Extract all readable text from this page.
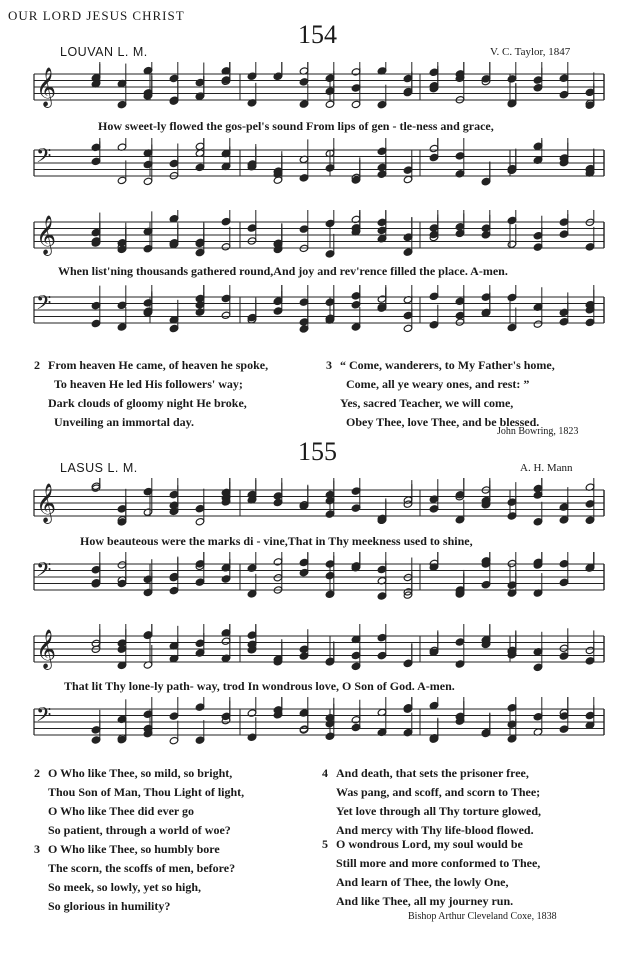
OUR LORD JESUS CHRIST
154
LOUVAN L. M.	V. C. Taylor, 1847
𝄞
How sweet-ly flowed the gos-pel's sound From lips of gen - tle-ness and grace,
𝄢
𝄞
When list'ning thousands gathered round,And joy and rev'rence filled the place. A-men.
𝄢
2 From heaven He came, of heaven he spoke,
To heaven He led His followers' way;
Dark clouds of gloomy night He broke,
Unveiling an immortal day.
3 “ Come, wanderers, to My Father's home,
Come, all ye weary ones, and rest: ”
Yes, sacred Teacher, we will come,
Obey Thee, love Thee, and be blessed.
John Bowring, 1823
155
LASUS L. M.	A. H. Mann
𝄞
How beauteous were the marks di - vine,That in Thy meekness used to shine,
𝄢
𝄞
That lit Thy lone-ly path- way, trod In wondrous love, O Son of God. A-men.
𝄢
2 O Who like Thee, so mild, so bright,
Thou Son of Man, Thou Light of light,
O Who like Thee did ever go
So patient, through a world of woe?
3 O Who like Thee, so humbly bore
The scorn, the scoffs of men, before?
So meek, so lowly, yet so high,
So glorious in humility?
4 And death, that sets the prisoner free,
Was pang, and scoff, and scorn to Thee;
Yet love through all Thy torture glowed,
And mercy with Thy life-blood flowed.
5 O wondrous Lord, my soul would be
Still more and more conformed to Thee,
And learn of Thee, the lowly One,
And like Thee, all my journey run.
Bishop Arthur Cleveland Coxe, 1838
